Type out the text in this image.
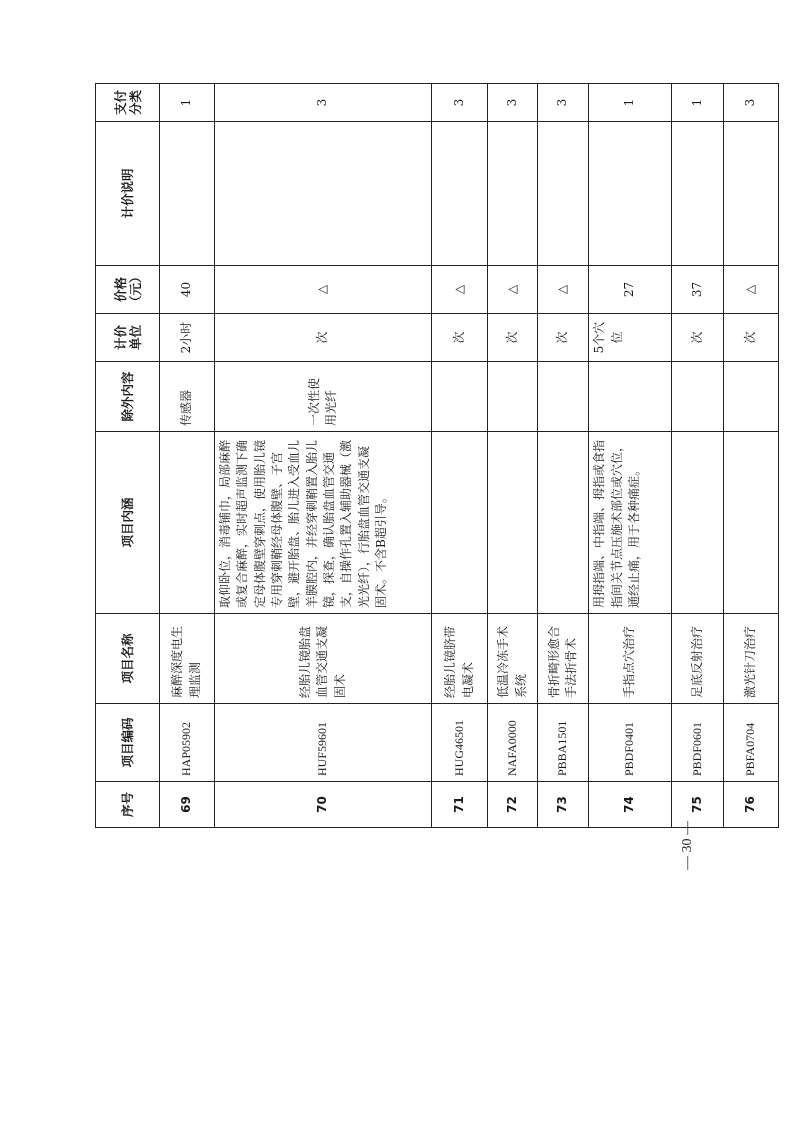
序号	项目编码	项目名称	项目内涵	除外内容	计价单位	价格（元）	计价说明	支付分类
69	HAP05902	麻醉深度电生理监测		传感器	2小时	40		1
70	HUF59601	经胎儿镜胎盘血管交通支凝固术	取仰卧位，消毒铺巾，局部麻醉或复合麻醉，实时超声监测下确定母体腹壁穿刺点，使用胎儿镜专用穿刺鞘经母体腹壁、子宫壁，避开胎盘、胎儿进入受血儿羊膜腔内，并经穿刺鞘置入胎儿镜，探查，确认胎盘血管交通支，自操作孔置入辅助器械（激光光纤），行胎盘血管交通支凝固术。不含B超引导。	一次性使用光纤	次	△		3
71	HUG46501	经胎儿镜脐带电凝术			次	△		3
72	NAFA0000	低温冷冻手术系统			次	△		3
73	PBBA1501	骨折畸形愈合手法折骨术			次	△		3
74	PBDF0401	手指点穴治疗	用拇指端、中指端、拇指或食指指间关节点压施术部位或穴位，通经止痛，用于各种痛症。		5个穴位	27		1
75	PBDF0601	足底反射治疗			次	37		1
76	PBFA0704	激光针刀治疗			次	△		3
— 30 —
